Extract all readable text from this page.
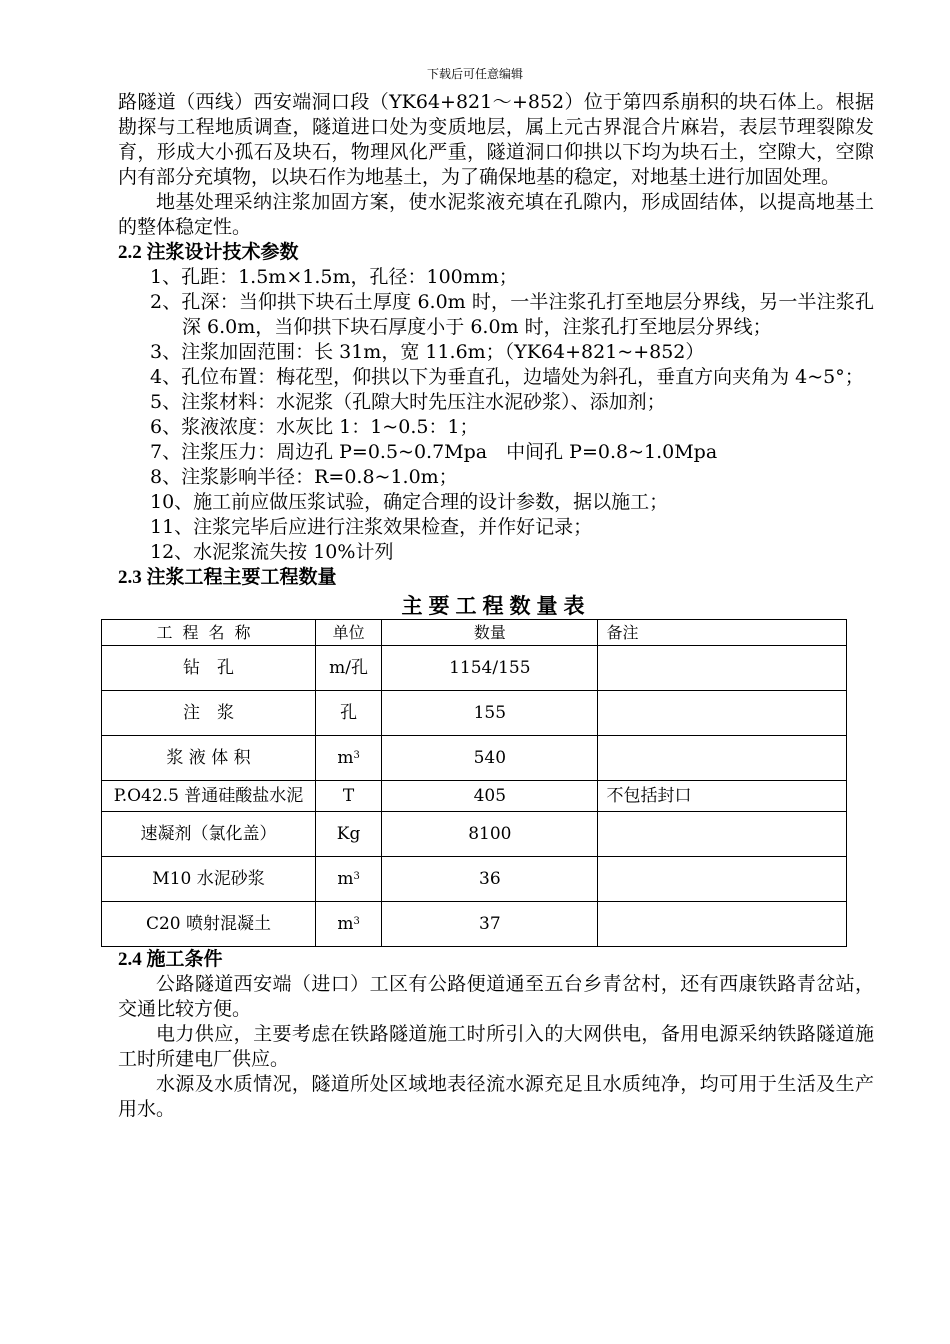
下载后可任意编辑

路隧道（西线）西安端洞口段（YK64+821～+852）位于第四系崩积的块石体上。根据勘探与工程地质调查，隧道进口处为变质地层，属上元古界混合片麻岩，表层节理裂隙发育，形成大小孤石及块石，物理风化严重，隧道洞口仰拱以下均为块石土，空隙大，空隙内有部分充填物，以块石作为地基土，为了确保地基的稳定，对地基土进行加固处理。

地基处理采纳注浆加固方案，使水泥浆液充填在孔隙内，形成固结体，以提高地基土的整体稳定性。

2.2 注浆设计技术参数
1、孔距：1.5m×1.5m，孔径：100mm；
2、孔深：当仰拱下块石土厚度 6.0m 时，一半注浆孔打至地层分界线，另一半注浆孔深 6.0m，当仰拱下块石厚度小于 6.0m 时，注浆孔打至地层分界线；
3、注浆加固范围：长 31m，宽 11.6m；（YK64+821~+852）
4、孔位布置：梅花型，仰拱以下为垂直孔，边墙处为斜孔，垂直方向夹角为 4~5°；
5、注浆材料：水泥浆（孔隙大时先压注水泥砂浆）、添加剂；
6、浆液浓度：水灰比 1：1~0.5：1；
7、注浆压力：周边孔 P=0.5~0.7Mpa　中间孔 P=0.8~1.0Mpa
8、注浆影响半径：R=0.8~1.0m；
10、施工前应做压浆试验，确定合理的设计参数，据以施工；
11、注浆完毕后应进行注浆效果检查，并作好记录；
12、水泥浆流失按 10%计列
2.3 注浆工程主要工程数量
主要工程数量表
工程名称	单位	数量	备注
钻　孔	m/孔	1154/155	
注　浆	孔	155	
浆 液 体 积	$m^3$	540	
P.O42.5 普通硅酸盐水泥	T	405	不包括封口
速凝剂（氯化盖）	Kg	8100	
M10 水泥砂浆	$m^3$	36	
C20 喷射混凝土	$m^3$	37	
2.4 施工条件

公路隧道西安端（进口）工区有公路便道通至五台乡青岔村，还有西康铁路青岔站，交通比较方便。

电力供应，主要考虑在铁路隧道施工时所引入的大网供电，备用电源采纳铁路隧道施工时所建电厂供应。

水源及水质情况，隧道所处区域地表径流水源充足且水质纯净，均可用于生活及生产用水。
